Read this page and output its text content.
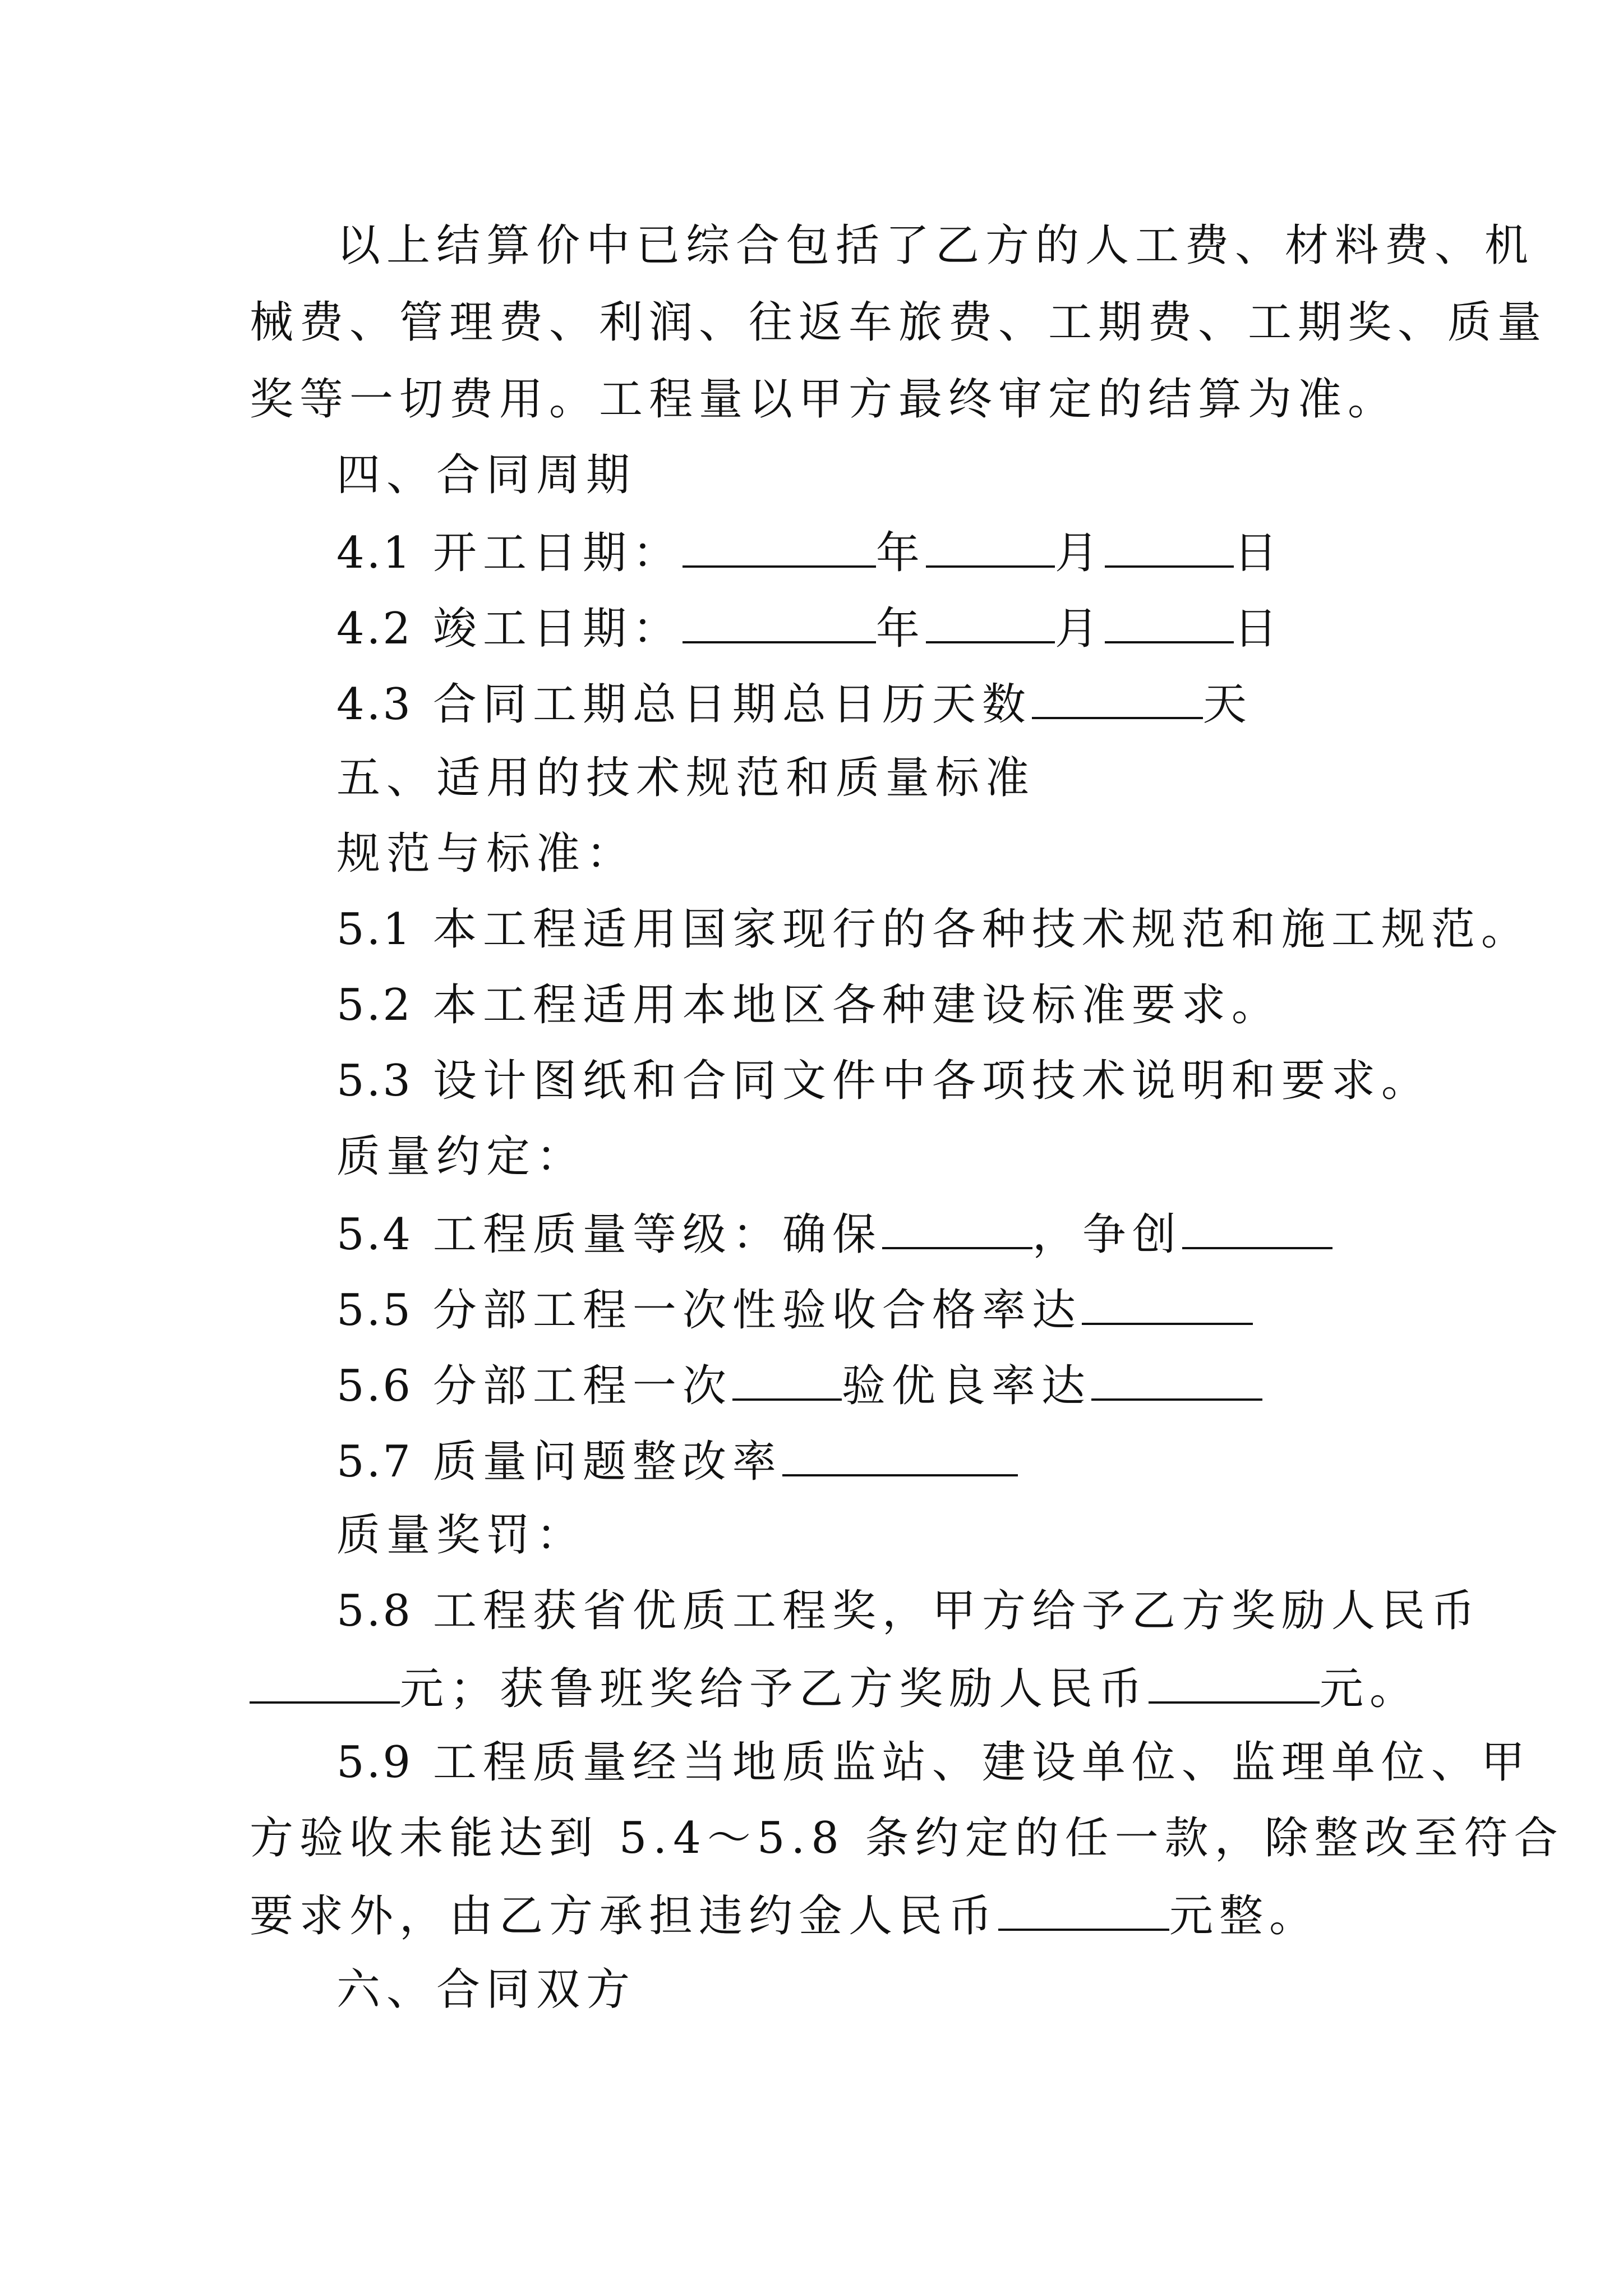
以上结算价中已综合包括了乙方的人工费、材料费、机
械费、管理费、利润、往返车旅费、工期费、工期奖、质量
奖等一切费用。工程量以甲方最终审定的结算为准。
四、合同周期
4.1 开工日期：	年	月	日
4.2 竣工日期：	年	月	日
4.3 合同工期总日期总日历天数	天
五、适用的技术规范和质量标准
规范与标准：
5.1 本工程适用国家现行的各种技术规范和施工规范。
5.2 本工程适用本地区各种建设标准要求。
5.3 设计图纸和合同文件中各项技术说明和要求。
质量约定：
5.4 工程质量等级：确保	，争创
5.5 分部工程一次性验收合格率达
5.6 分部工程一次	验优良率达
5.7 质量问题整改率
质量奖罚：
5.8 工程获省优质工程奖，甲方给予乙方奖励人民币
元；获鲁班奖给予乙方奖励人民币	元。
5.9 工程质量经当地质监站、建设单位、监理单位、甲
方验收未能达到 5.4～5.8 条约定的任一款，除整改至符合
要求外，由乙方承担违约金人民币	元整。
六、合同双方
